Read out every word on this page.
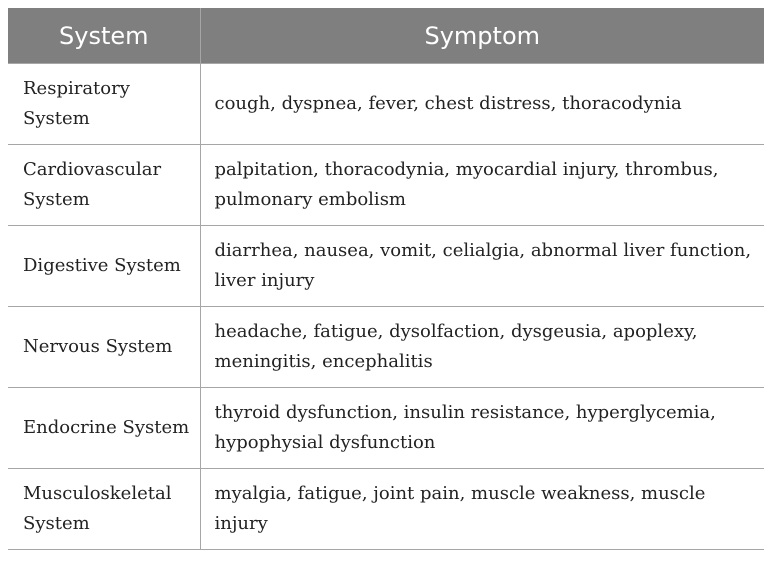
System	Symptom
Respiratory System	cough, dyspnea, fever, chest distress, thoracodynia
Cardiovascular System	palpitation, thoracodynia, myocardial injury, thrombus, pulmonary embolism
Digestive System	diarrhea, nausea, vomit, celialgia, abnormal liver function, liver injury
Nervous System	headache, fatigue, dysolfaction, dysgeusia, apoplexy, meningitis, encephalitis
Endocrine System	thyroid dysfunction, insulin resistance, hyperglycemia, hypophysial dysfunction
Musculoskeletal System	myalgia, fatigue, joint pain, muscle weakness, muscle injury
